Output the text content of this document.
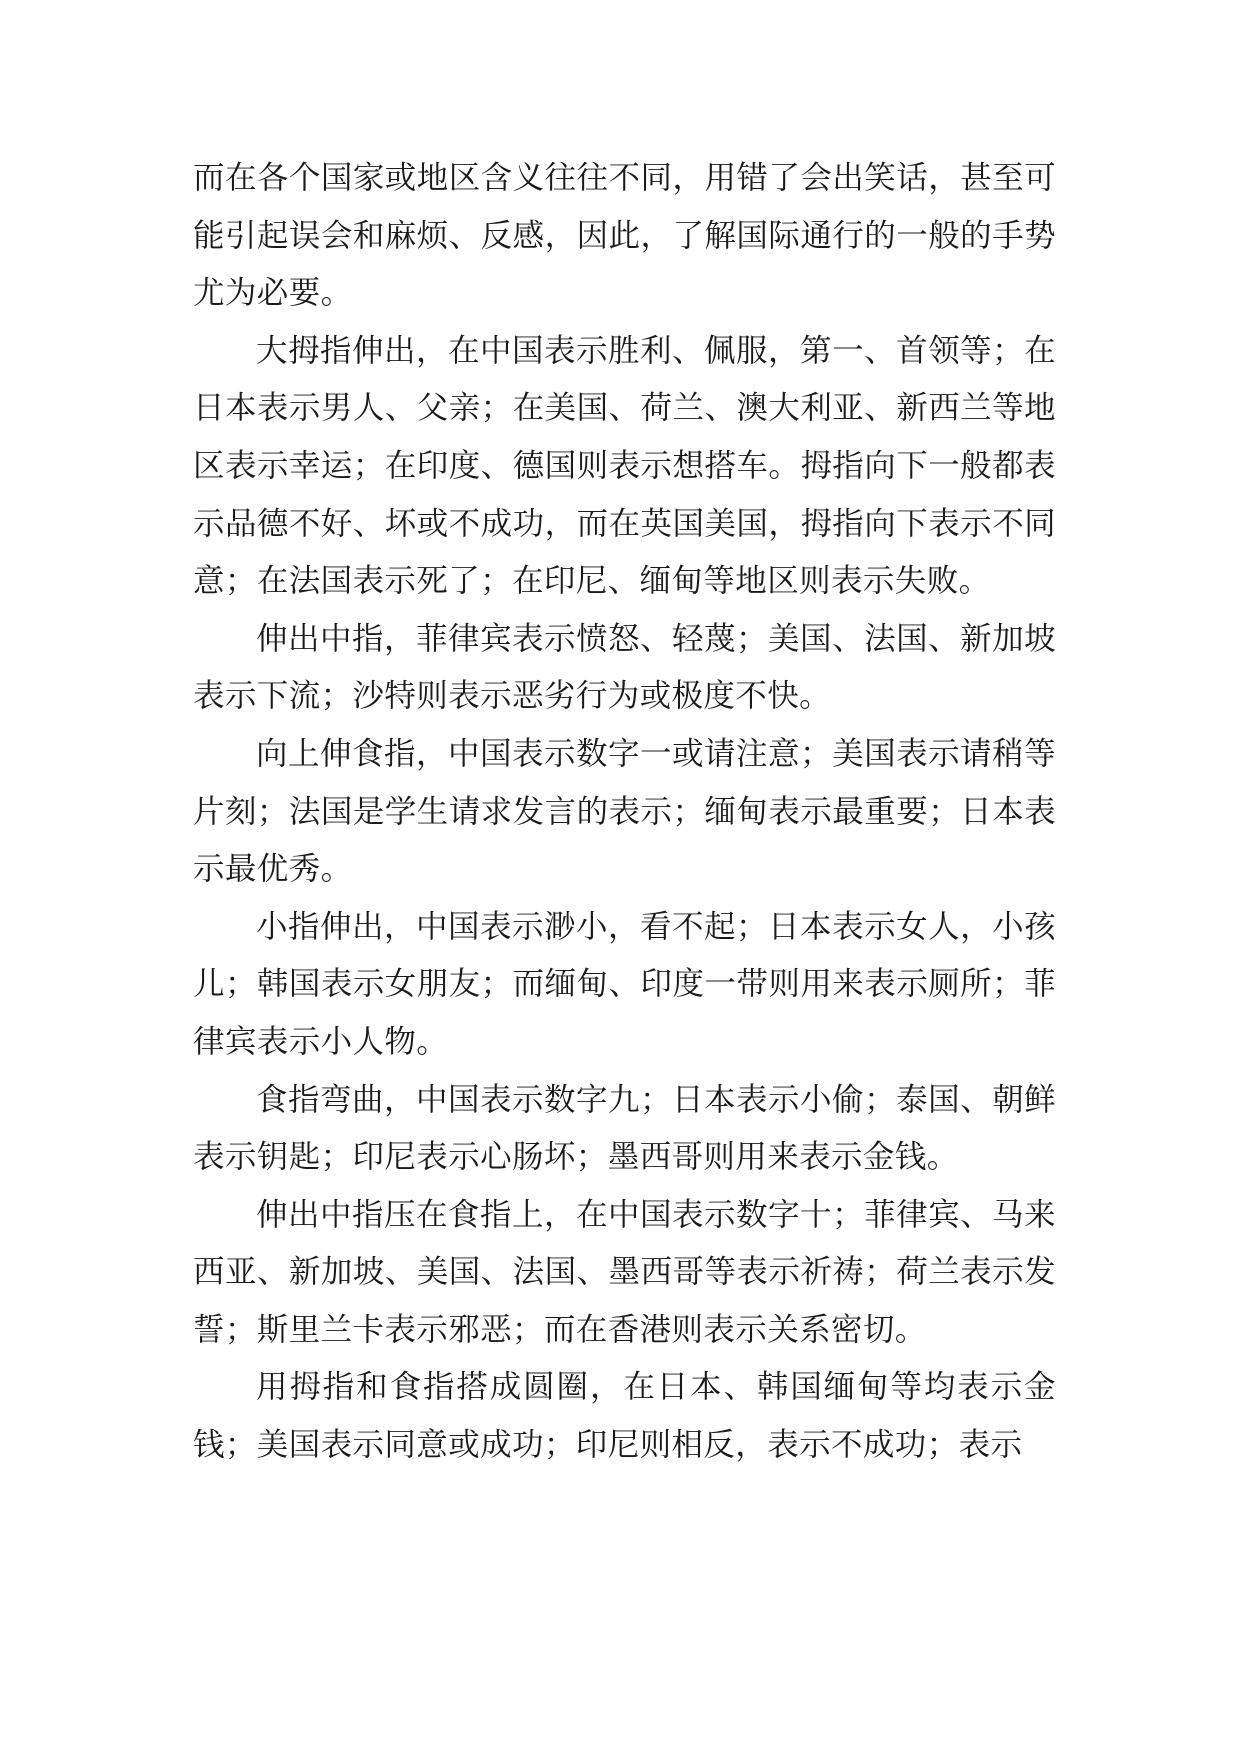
而在各个国家或地区含义往往不同，用错了会出笑话，甚至可能引起误会和麻烦、反感，因此，了解国际通行的一般的手势尤为必要。

大拇指伸出，在中国表示胜利、佩服，第一、首领等；在日本表示男人、父亲；在美国、荷兰、澳大利亚、新西兰等地区表示幸运；在印度、德国则表示想搭车。拇指向下一般都表示品德不好、坏或不成功，而在英国美国，拇指向下表示不同意；在法国表示死了；在印尼、缅甸等地区则表示失败。

伸出中指，菲律宾表示愤怒、轻蔑；美国、法国、新加坡表示下流；沙特则表示恶劣行为或极度不快。

向上伸食指，中国表示数字一或请注意；美国表示请稍等片刻；法国是学生请求发言的表示；缅甸表示最重要；日本表示最优秀。

小指伸出，中国表示渺小，看不起；日本表示女人，小孩儿；韩国表示女朋友；而缅甸、印度一带则用来表示厕所；菲律宾表示小人物。

食指弯曲，中国表示数字九；日本表示小偷；泰国、朝鲜表示钥匙；印尼表示心肠坏；墨西哥则用来表示金钱。

伸出中指压在食指上，在中国表示数字十；菲律宾、马来西亚、新加坡、美国、法国、墨西哥等表示祈祷；荷兰表示发誓；斯里兰卡表示邪恶；而在香港则表示关系密切。

用拇指和食指搭成圆圈，在日本、韩国缅甸等均表示金钱；美国表示同意或成功；印尼则相反，表示不成功；表示
